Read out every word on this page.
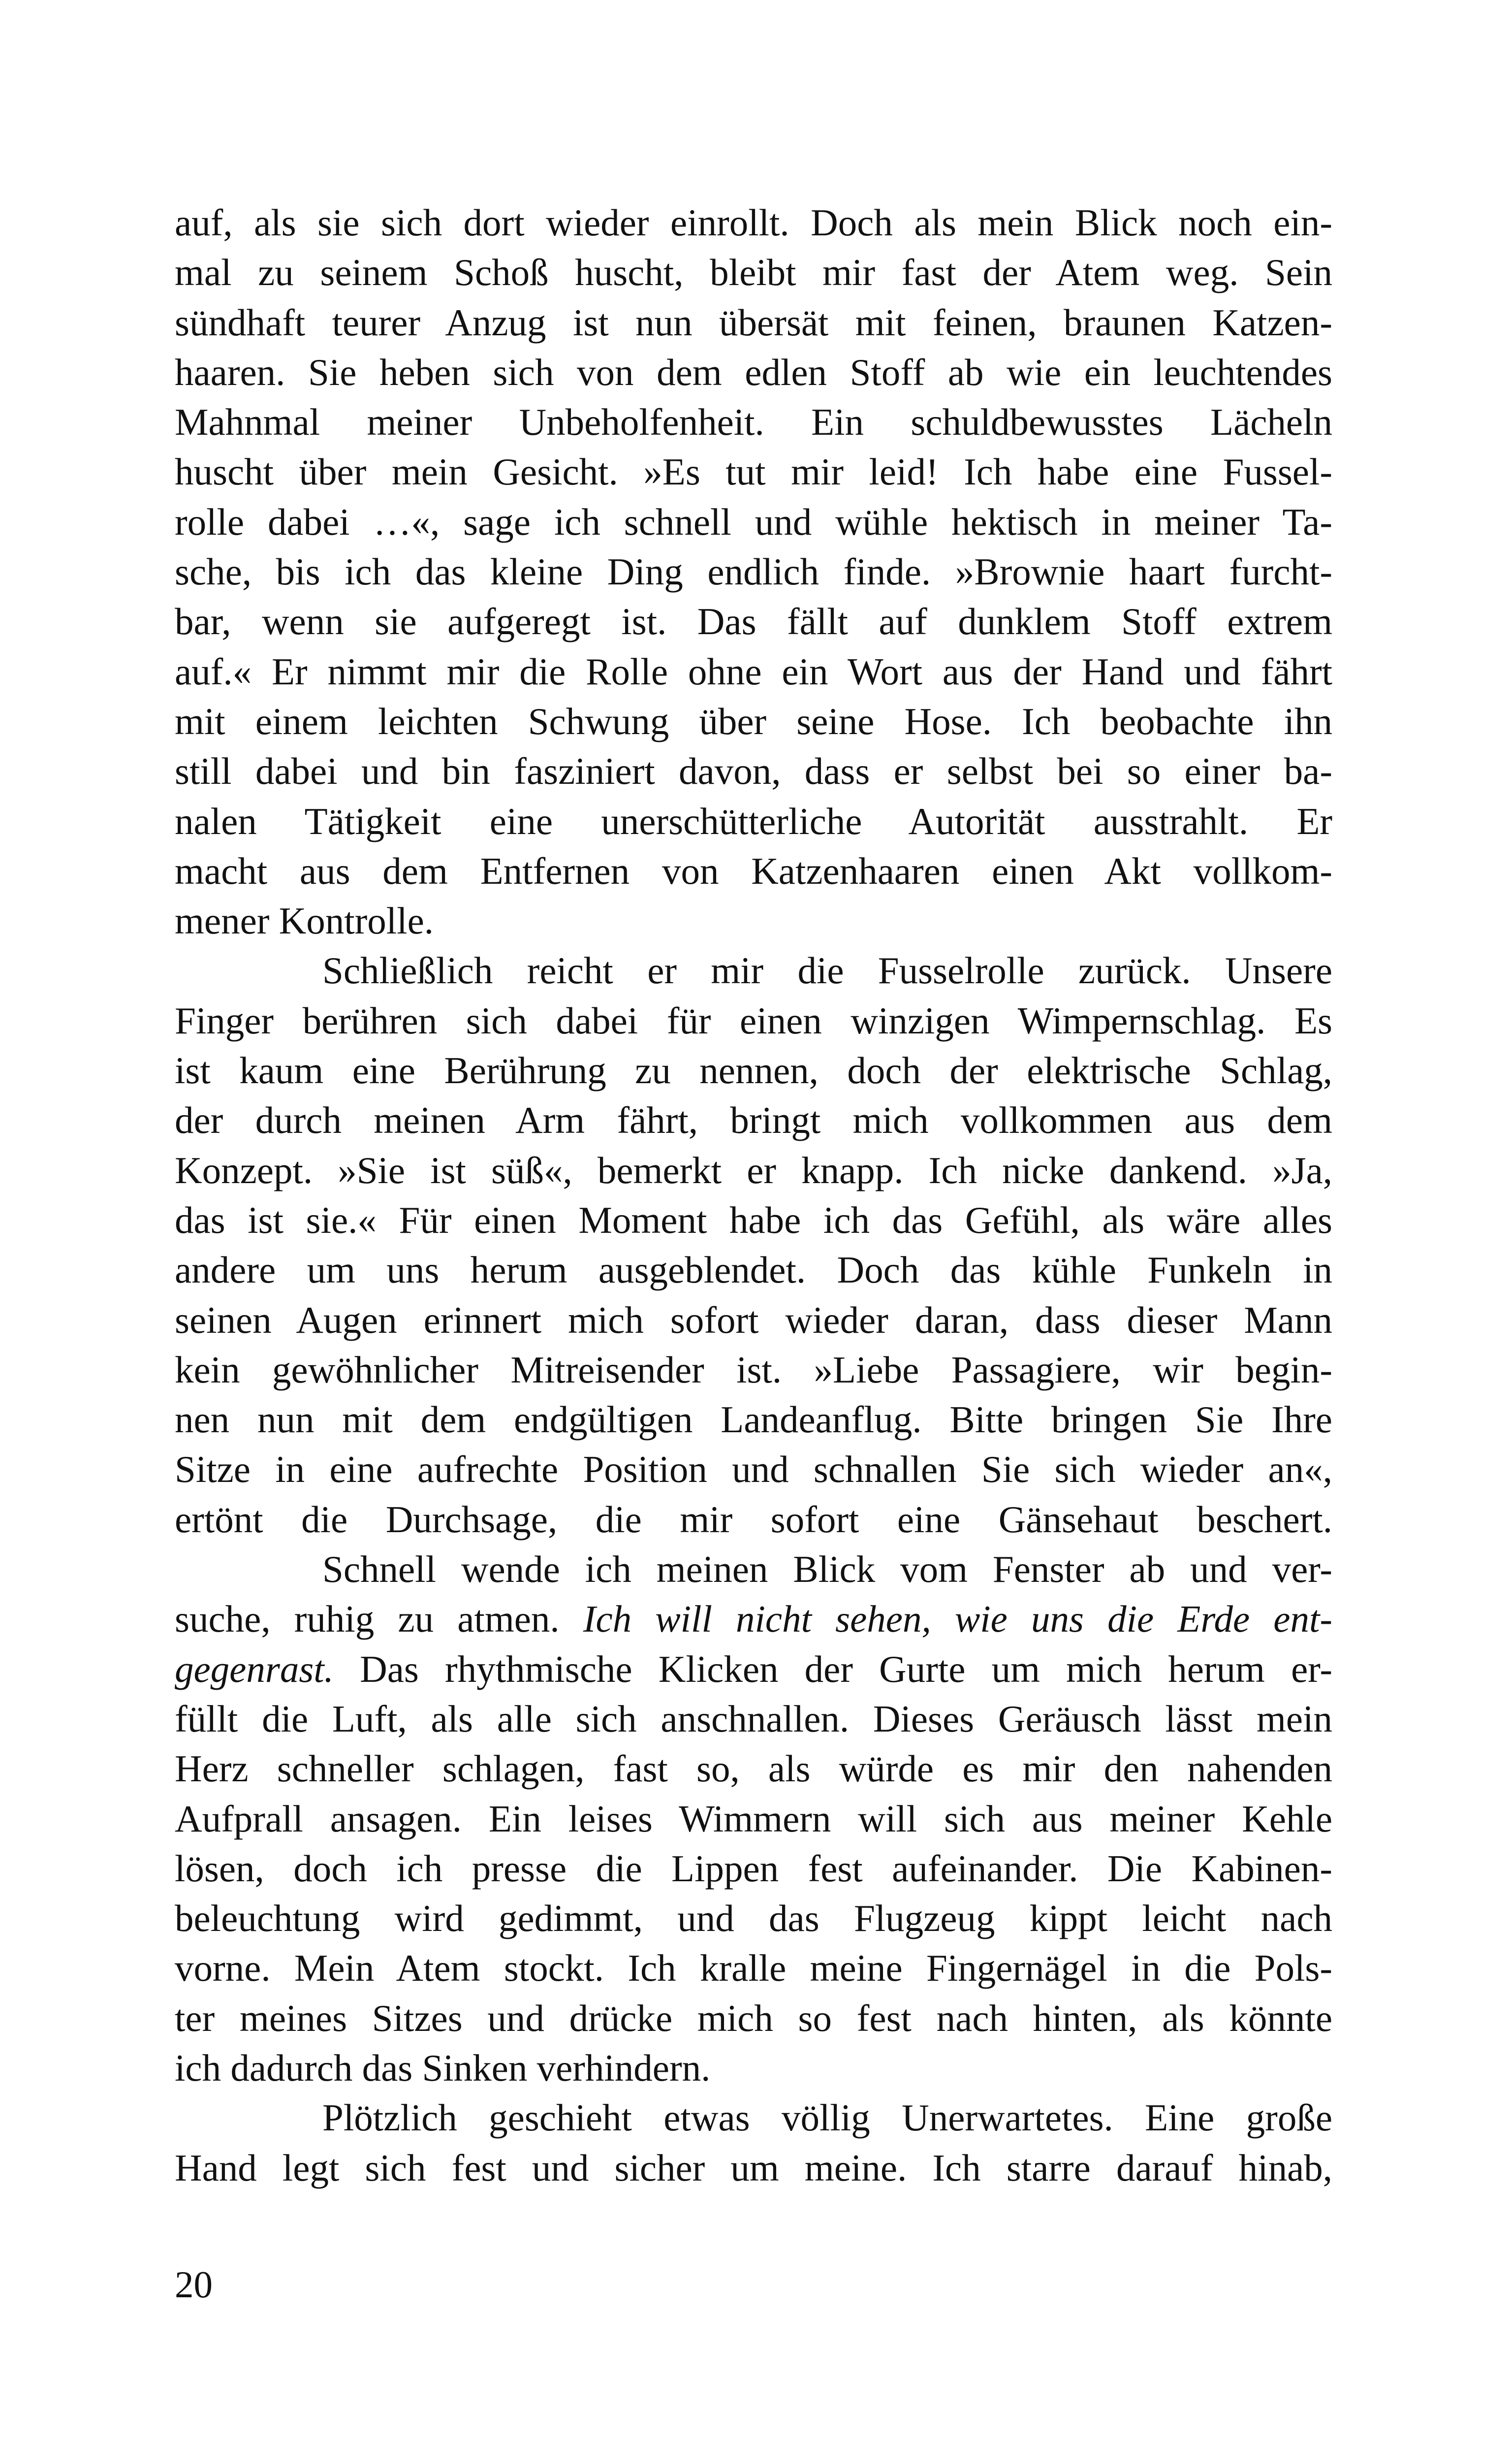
auf, als sie sich dort wieder einrollt. Doch als mein Blick noch ein-
mal zu seinem Schoß huscht, bleibt mir fast der Atem weg. Sein
sündhaft teurer Anzug ist nun übersät mit feinen, braunen Katzen-
haaren. Sie heben sich von dem edlen Stoff ab wie ein leuchtendes
Mahnmal meiner Unbeholfenheit. Ein schuldbewusstes Lächeln
huscht über mein Gesicht. »Es tut mir leid! Ich habe eine Fussel-
rolle dabei …«, sage ich schnell und wühle hektisch in meiner Ta-
sche, bis ich das kleine Ding endlich finde. »Brownie haart furcht-
bar, wenn sie aufgeregt ist. Das fällt auf dunklem Stoff extrem
auf.« Er nimmt mir die Rolle ohne ein Wort aus der Hand und fährt
mit einem leichten Schwung über seine Hose. Ich beobachte ihn
still dabei und bin fasziniert davon, dass er selbst bei so einer ba-
nalen Tätigkeit eine unerschütterliche Autorität ausstrahlt. Er
macht aus dem Entfernen von Katzenhaaren einen Akt vollkom-
mener Kontrolle.
Schließlich reicht er mir die Fusselrolle zurück. Unsere
Finger berühren sich dabei für einen winzigen Wimpernschlag. Es
ist kaum eine Berührung zu nennen, doch der elektrische Schlag,
der durch meinen Arm fährt, bringt mich vollkommen aus dem
Konzept. »Sie ist süß«, bemerkt er knapp. Ich nicke dankend. »Ja,
das ist sie.« Für einen Moment habe ich das Gefühl, als wäre alles
andere um uns herum ausgeblendet. Doch das kühle Funkeln in
seinen Augen erinnert mich sofort wieder daran, dass dieser Mann
kein gewöhnlicher Mitreisender ist. »Liebe Passagiere, wir begin-
nen nun mit dem endgültigen Landeanflug. Bitte bringen Sie Ihre
Sitze in eine aufrechte Position und schnallen Sie sich wieder an«,
ertönt die Durchsage, die mir sofort eine Gänsehaut beschert.
Schnell wende ich meinen Blick vom Fenster ab und ver-
suche, ruhig zu atmen. Ich will nicht sehen, wie uns die Erde ent-
gegenrast. Das rhythmische Klicken der Gurte um mich herum er-
füllt die Luft, als alle sich anschnallen. Dieses Geräusch lässt mein
Herz schneller schlagen, fast so, als würde es mir den nahenden
Aufprall ansagen. Ein leises Wimmern will sich aus meiner Kehle
lösen, doch ich presse die Lippen fest aufeinander. Die Kabinen-
beleuchtung wird gedimmt, und das Flugzeug kippt leicht nach
vorne. Mein Atem stockt. Ich kralle meine Fingernägel in die Pols-
ter meines Sitzes und drücke mich so fest nach hinten, als könnte
ich dadurch das Sinken verhindern.
Plötzlich geschieht etwas völlig Unerwartetes. Eine große
Hand legt sich fest und sicher um meine. Ich starre darauf hinab,
20
